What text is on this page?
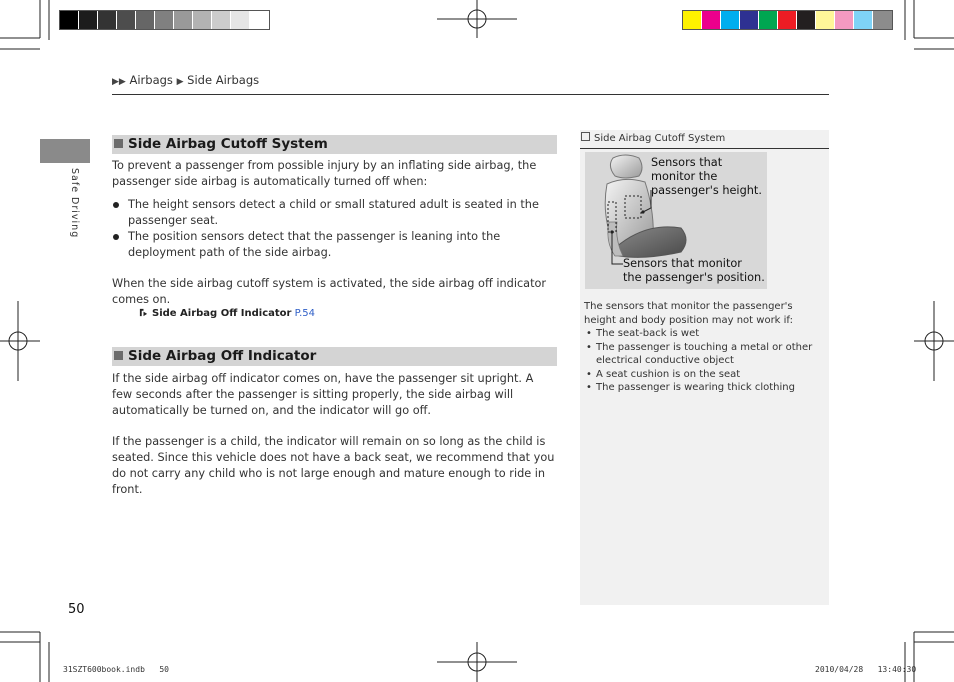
▶▶ Airbags ▶ Side Airbags
Safe Driving
Side Airbag Cutoff System
To prevent a passenger from possible injury by an inflating side airbag, the passenger side airbag is automatically turned off when:
The height sensors detect a child or small statured adult is seated in the passenger seat.
The position sensors detect that the passenger is leaning into the deployment path of the side airbag.
When the side airbag cutoff system is activated, the side airbag off indicator comes on.
Side Airbag Off Indicator P.54
Side Airbag Off Indicator
If the side airbag off indicator comes on, have the passenger sit upright. A few seconds after the passenger is sitting properly, the side airbag will automatically be turned on, and the indicator will go off.
If the passenger is a child, the indicator will remain on so long as the child is seated. Since this vehicle does not have a back seat, we recommend that you do not carry any child who is not large enough and mature enough to ride in front.
Side Airbag Cutoff System
Sensors that
monitor the
passenger's height.
Sensors that monitor
the passenger's position.
The sensors that monitor the passenger's height and body position may not work if:
• The seat-back is wet
• The passenger is touching a metal or other electrical conductive object
• A seat cushion is on the seat
• The passenger is wearing thick clothing
50
31SZT600book.indb   50	2010/04/28   13:40:30
